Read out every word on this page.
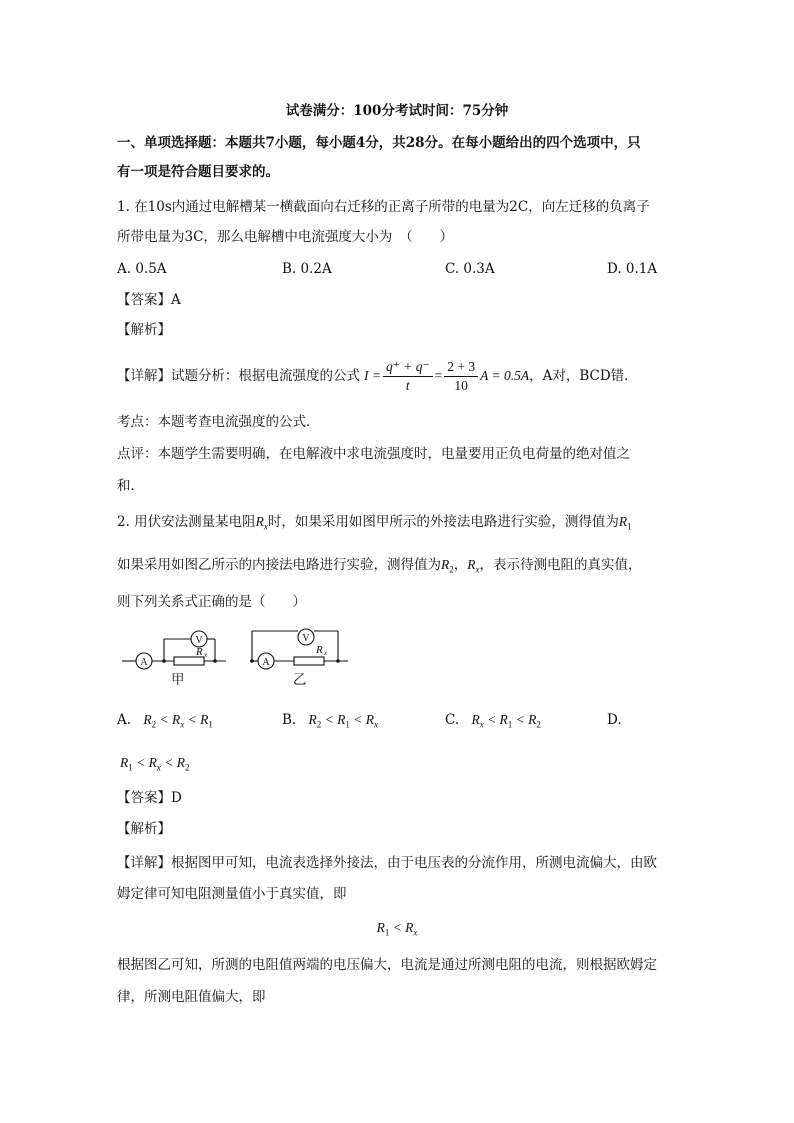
试卷满分：100分考试时间：75分钟
一、单项选择题：本题共7小题，每小题4分，共28分。在每小题给出的四个选项中，只
有一项是符合题目要求的。
1. 在10s内通过电解槽某一横截面向右迁移的正离子所带的电量为2C，向左迁移的负离子
所带电量为3C，那么电解槽中电流强度大小为　（　　）
A. 0.5A	B. 0.2A	C. 0.3A	D. 0.1A
【答案】A
【解析】
【详解】试题分析：根据电流强度的公式 $I = \frac{q^+ + q^-}{t} = \frac{2 + 3}{10}$ A = 0.5A ，A对，BCD错．
考点：本题考查电流强度的公式．
点评：本题学生需要明确，在电解液中求电流强度时，电量要用正负电荷量的绝对值之
和．
2. 用伏安法测量某电阻$R_x$时，如果采用如图甲所示的外接法电路进行实验，测得值为$R_1$
如果采用如图乙所示的内接法电路进行实验，测得值为$R_2$，$R_x$，表示待测电阻的真实值，
则下列关系式正确的是（　　）
A
V
A
V
R x	R x
甲	乙
A. $R_2 < R_x < R_1$	B. $R_2 < R_1 < R_x$	C. $R_x < R_1 < R_2$	D.
$R_1 < R_x < R_2$
【答案】D
【解析】
【详解】根据图甲可知，电流表选择外接法，由于电压表的分流作用，所测电流偏大，由欧
姆定律可知电阻测量值小于真实值，即
$R_1 < R_x$
根据图乙可知，所测的电阻值两端的电压偏大，电流是通过所测电阻的电流，则根据欧姆定
律，所测电阻值偏大，即
